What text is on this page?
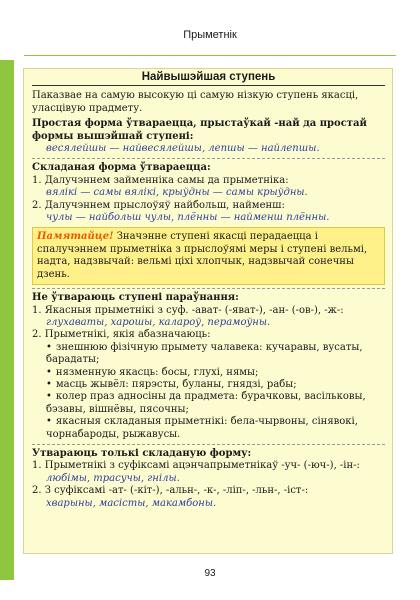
Прыметнік
Найвышэйшая ступень

Паказвае на самую высокую ці самую нізкую ступень якасці, улаcцівую прадмету.

Простая форма ўтвараецца, прыстаўкай -най да простай формы вышэйшай ступені:

весялейшы — найвесялейшы, лепшы — найлепшы.

Складаная форма ўтвараецца:

1. Далучэннем займенніка самы да прыметніка:

вялікі — самы вялікі, крыўдны — самы крыўдны.

2. Далучэннем прыслоўяў найбольш, найменш:

чулы — найбольш чулы, плённы — найменш плённы.

Памятайце! Значэнне ступені якасці перадаецца і спалучэннем прыметніка з прыслоўямі меры і ступені вельмі, надта, надзвычай: вельмі ціхі хлопчык, надзвычай сонечны дзень.

Не ўтвараюць ступені параўнання:

1. Якасныя прыметнікі з суф. -ават- (-яват-), -ан- (-ов-), -ж-:

глухаваты, харошы, калароў, перамоўны.

2. Прыметнікі, якія абазначаюць:

• знешнюю фізічную прымету чалавека: кучаравы, вусаты, барадаты;

• нязменную якасць: босы, глухі, нямы;

• масць жывёл: пярэсты, буланы, гнядзі, рабы;

• колер праз адносіны да прадмета: бурачковы, васільковы, бэзавы, вішнёвы, пясочны;

• якасныя складаныя прыметнікі: бела-чырвоны, сінявокі, чорнабароды, рыжавусы.

Утвараюць толькі складаную форму:

1. Прыметнікі з суфіксамі ацэнчапрыметнікаў -уч- (-юч-), -ін-:

любімы, трасучы, гнілы.

2. З суфіксамі -ат- (-кіт-), -альн-, -к-, -ліп-, -льн-, -іст-:

хварыны, масісты, макамбоны.

93
